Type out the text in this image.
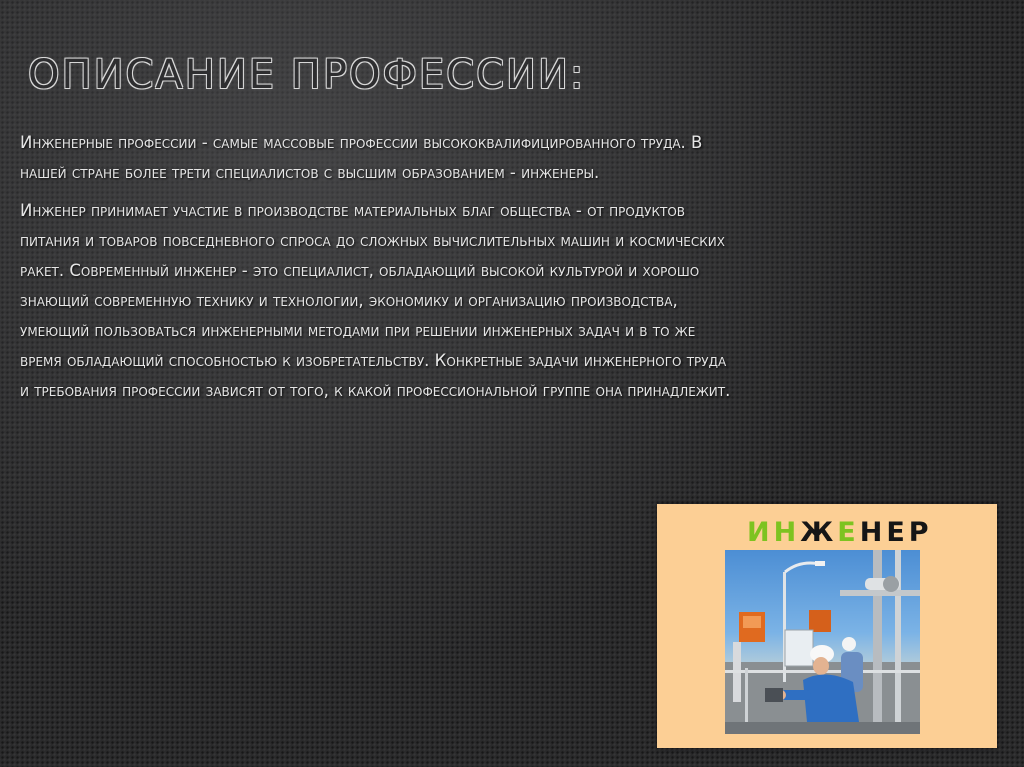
ОПИСАНИЕ ПРОФЕССИИ:

Инженерные профессии - самые массовые профессии высококвалифицированного труда. В нашей стране более трети специалистов с высшим образованием - инженеры.

Инженер принимает участие в производстве материальных благ общества - от продуктов питания и товаров повседневного спроса до сложных вычислительных машин и космических ракет. Современный инженер - это специалист, обладающий высокой культурой и хорошо знающий современную технику и технологии, экономику и организацию производства, умеющий пользоваться инженерными методами при решении инженерных задач и в то же время обладающий способностью к изобретательству. Конкретные задачи инженерного труда и требования профессии зависят от того, к какой профессиональной группе она принадлежит.

ИНЖЕНЕР
